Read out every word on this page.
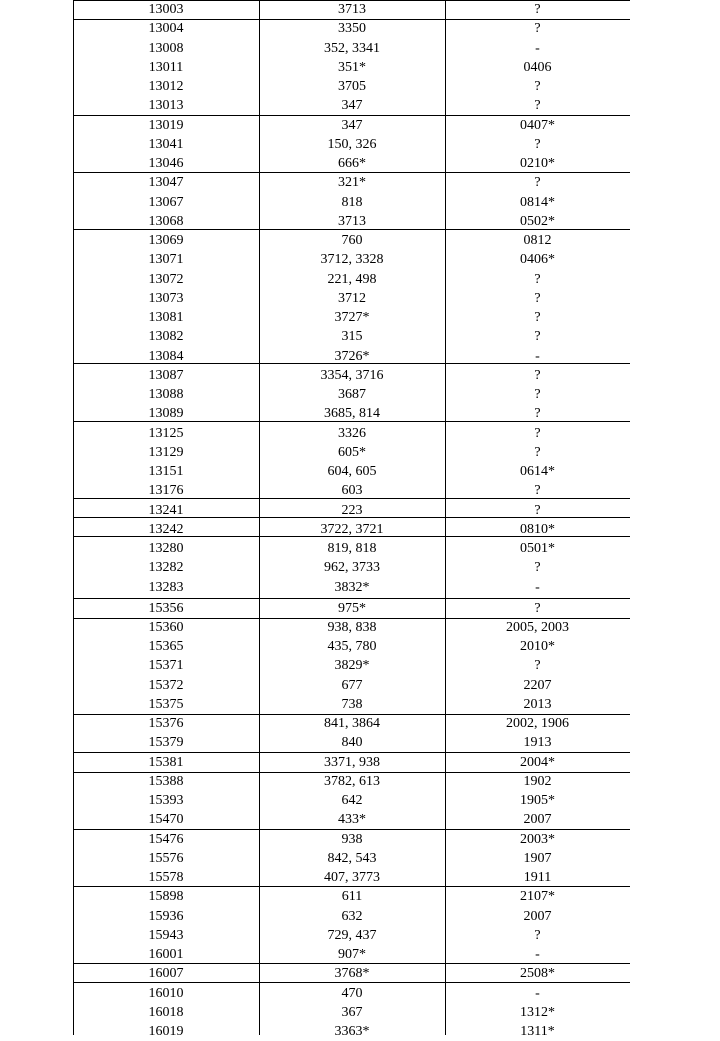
13003	3713	?
13004	3350	?
13008	352, 3341	-
13011	351*	0406
13012	3705	?
13013	347	?
13019	347	0407*
13041	150, 326	?
13046	666*	0210*
13047	321*	?
13067	818	0814*
13068	3713	0502*
13069	760	0812
13071	3712, 3328	0406*
13072	221, 498	?
13073	3712	?
13081	3727*	?
13082	315	?
13084	3726*	-
13087	3354, 3716	?
13088	3687	?
13089	3685, 814	?
13125	3326	?
13129	605*	?
13151	604, 605	0614*
13176	603	?
13241	223	?
13242	3722, 3721	0810*
13280	819, 818	0501*
13282	962, 3733	?
13283	3832*	-
15356	975*	?
15360	938, 838	2005, 2003
15365	435, 780	2010*
15371	3829*	?
15372	677	2207
15375	738	2013
15376	841, 3864	2002, 1906
15379	840	1913
15381	3371, 938	2004*
15388	3782, 613	1902
15393	642	1905*
15470	433*	2007
15476	938	2003*
15576	842, 543	1907
15578	407, 3773	1911
15898	611	2107*
15936	632	2007
15943	729, 437	?
16001	907*	-
16007	3768*	2508*
16010	470	-
16018	367	1312*
16019	3363*	1311*
